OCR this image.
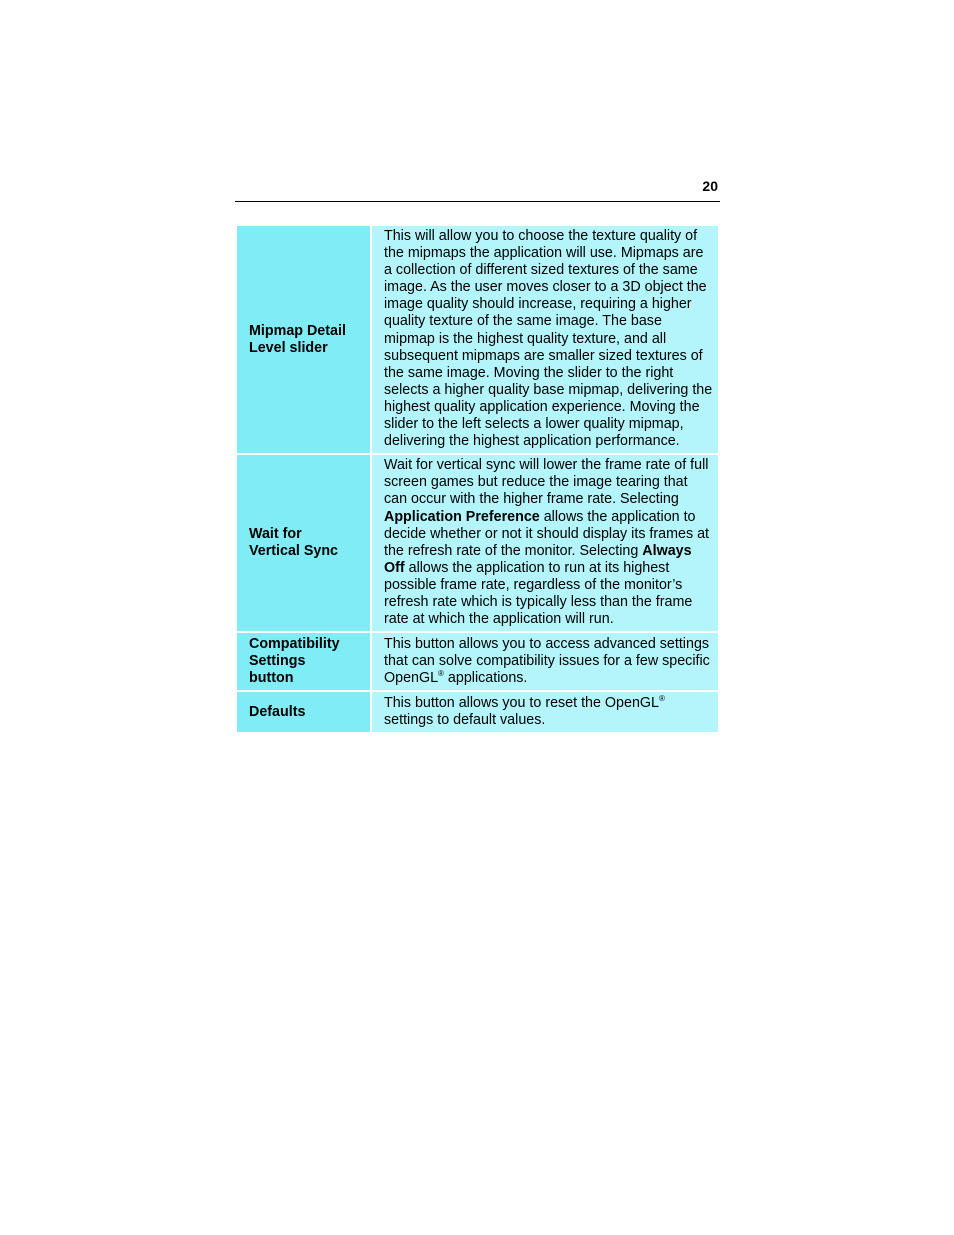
20
Mipmap Detail
Level slider	This will allow you to choose the texture quality of the mipmaps the application will use. Mipmaps are a collection of different sized textures of the same image. As the user moves closer to a 3D object the image quality should increase, requiring a higher quality texture of the same image. The base mipmap is the highest quality texture, and all subsequent mipmaps are smaller sized textures of the same image. Moving the slider to the right selects a higher quality base mipmap, delivering the highest quality application experience. Moving the slider to the left selects a lower quality mipmap, delivering the highest application performance.
Wait for
Vertical Sync	Wait for vertical sync will lower the frame rate of full screen games but reduce the image tearing that can occur with the higher frame rate. Selecting Application Preference allows the application to decide whether or not it should display its frames at the refresh rate of the monitor. Selecting Always Off allows the application to run at its highest possible frame rate, regardless of the monitor’s refresh rate which is typically less than the frame rate at which the application will run.
Compatibility
Settings
button	This button allows you to access advanced settings that can solve compatibility issues for a few specific OpenGL® applications.
Defaults	This button allows you to reset the OpenGL® settings to default values.
